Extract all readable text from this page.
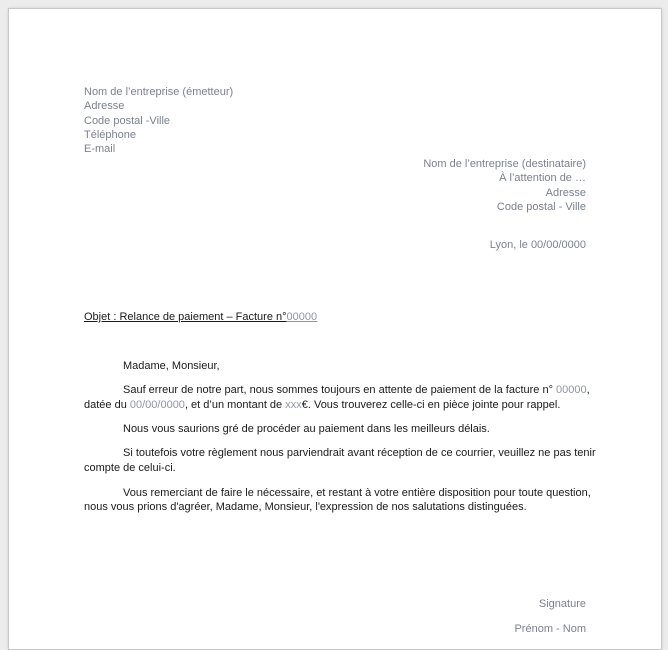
Nom de l’entreprise (émetteur)
Adresse
Code postal -Ville
Téléphone
E-mail
Nom de l’entreprise (destinataire)
À l’attention de …
Adresse
Code postal - Ville
Lyon, le 00/00/0000
Objet : Relance de paiement – Facture n°00000
Madame, Monsieur,
Sauf erreur de notre part, nous sommes toujours en attente de paiement de la facture n° 00000,
datée du 00/00/0000, et d’un montant de xxx€. Vous trouverez celle-ci en pièce jointe pour rappel.
Nous vous saurions gré de procéder au paiement dans les meilleurs délais.
Si toutefois votre règlement nous parviendrait avant réception de ce courrier, veuillez ne pas tenir
compte de celui-ci.
Vous remerciant de faire le nécessaire, et restant à votre entière disposition pour toute question,
nous vous prions d'agréer, Madame, Monsieur, l'expression de nos salutations distinguées.
Signature
Prénom - Nom
